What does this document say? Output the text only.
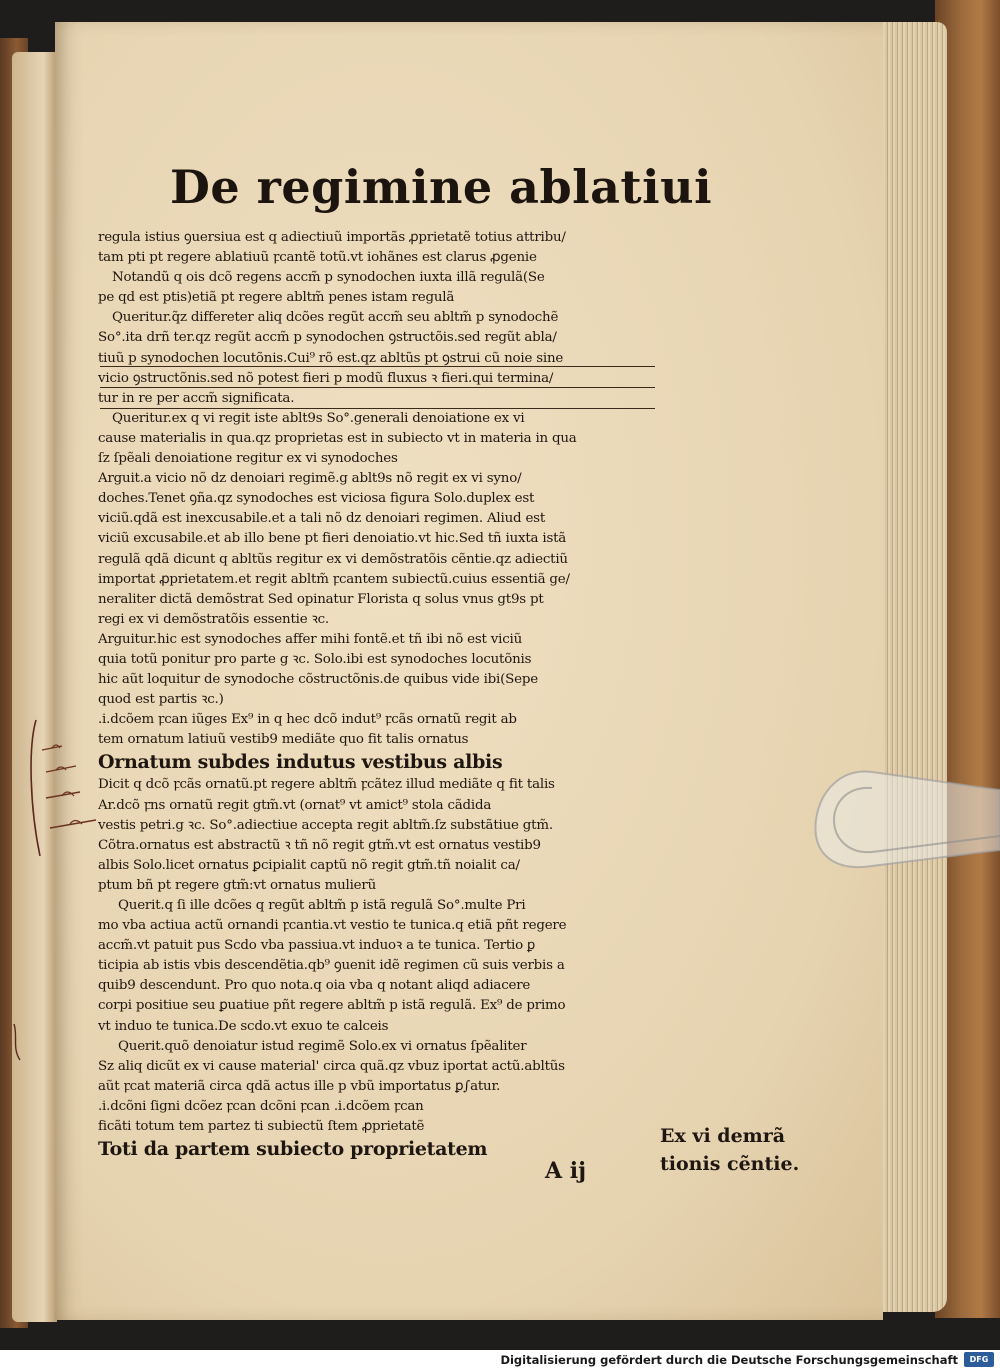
De regimine ablatiui
regula istius ꝯuersiua est q adiectiuũ importãs ꝓprietatẽ totius attribu/
tam pti pt regere ablatiuũ ꝼcantẽ totũ.vt iohãnes est clarus ꝓgenie
Notandũ q ois dcõ regens accm̃ p synodochen iuxta illã regulã(Se
pe qd est ptis)etiã pt regere abltm̃ penes istam regulã
Queritur.q̃z differeter aliq dcões regũt accm̃ seu abltm̃ p synodochẽ
So°.ita drñ ter.qz regũt accm̃ p synodochen ꝯstructõis.sed regũt abla/
tiuũ p synodochen locutõnis.Cui⁹ rõ est.qz abltũs pt ꝯstrui cũ noie sine
vicio ꝯstructõnis.sed nõ potest fieri p modũ fluxus ꝛ fieri.qui termina/
tur in re per accm̃ significata.
Queritur.ex q vi regit iste ablt9s So°.generali denoiatione ex vi
cause materialis in qua.qz proprietas est in subiecto vt in materia in qua
ſz ſpẽali denoiatione regitur ex vi synodoches
Arguit.a vicio nõ dz denoiari regimẽ.g ablt9s nõ regit ex vi syno/
doches.Tenet ꝯña.qz synodoches est viciosa figura Solo.duplex est
viciũ.qdã est inexcusabile.et a tali nõ dz denoiari regimen. Aliud est
viciũ excusabile.et ab illo bene pt fieri denoiatio.vt hic.Sed tñ iuxta istã
regulã qdã dicunt q abltũs regitur ex vi demõstratõis cẽntie.qz adiectiũ
importat ꝓprietatem.et regit abltm̃ ꝼcantem subiectũ.cuius essentiã ge/
neraliter dictã demõstrat Sed opinatur Florista q solus vnus gt9s pt
regi ex vi demõstratõis essentie ꝛc.
Arguitur.hic est synodoches affer mihi fontẽ.et tñ ibi nõ est viciũ
quia totũ ponitur pro parte g ꝛc. Solo.ibi est synodoches locutõnis
hic aũt loquitur de synodoche cõstructõnis.de quibus vide ibi(Sepe
quod est partis ꝛc.)
.i.dcõem ꝼcan iũges Ex⁹ in q hec dcõ indut⁹ ꝼcãs ornatũ regit ab
tem ornatum latiuũ vestib9 mediãte quo fit talis ornatus
Ornatum subdes indutus vestibus albis
Dicit q dcõ ꝼcãs ornatũ.pt regere abltm̃ ꝼcãtez illud mediãte q fit talis
Ar.dcõ ꝼns ornatũ regit gtm̃.vt (ornat⁹ vt amict⁹ stola cãdida
vestis petri.g ꝛc. So°.adiectiue accepta regit abltm̃.ſz substãtiue gtm̃.
Cõtra.ornatus est abstractũ ꝛ tñ nõ regit gtm̃.vt est ornatus vestib9
albis Solo.licet ornatus ꝑcipialit captũ nõ regit gtm̃.tñ noialit ca/
ptum bñ pt regere gtm̃:vt ornatus mulierũ
Querit.q ſi ille dcões q regũt abltm̃ p istã regulã So°.multe Pri
mo vba actiua actũ ornandi ꝼcantia.vt vestio te tunica.q etiã pñt regere
accm̃.vt patuit pus Scdo vba passiua.vt induoꝛ a te tunica. Tertio ꝑ
ticipia ab istis vbis descendẽtia.qb⁹ ꝯuenit idẽ regimen cũ suis verbis a
quib9 descendunt. Pro quo nota.q oia vba q notant aliqd adiacere
corpi positiue seu ꝑuatiue pñt regere abltm̃ p istã regulã. Ex⁹ de primo
vt induo te tunica.De scdo.vt exuo te calceis
Querit.quõ denoiatur istud regimẽ Solo.ex vi ornatus ſpẽaliter
Sz aliq dicũt ex vi cause material' circa quã.qz vbuz iportat actũ.abltũs
aũt ꝼcat materiã circa qdã actus ille p vbũ importatus ꝑ∫atur.
.i.dcõni ſigni dcõez ꝼcan dcõni ꝼcan .i.dcõem ꝼcan
ficãti totum tem partez ti subiectũ ſtem ꝓprietatẽ
Toti da partem subiecto proprietatem
Ex vi demrã
tionis cẽntie.
A ij
Digitalisierung gefördert durch die Deutsche Forschungsgemeinschaft	DFG
